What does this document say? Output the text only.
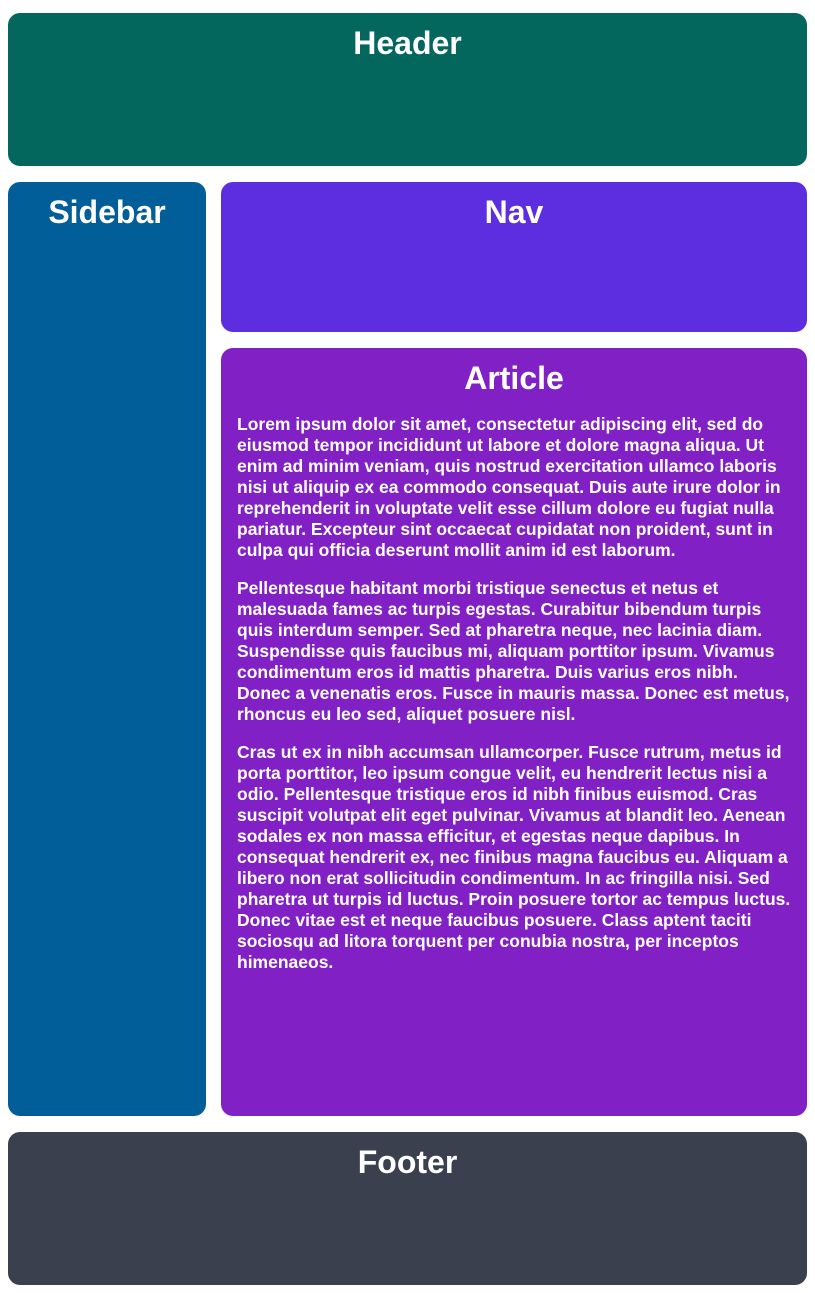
Header
Sidebar	Nav
Article

Lorem ipsum dolor sit amet, consectetur adipiscing elit, sed do eiusmod tempor incididunt ut labore et dolore magna aliqua. Ut enim ad minim veniam, quis nostrud exercitation ullamco laboris nisi ut aliquip ex ea commodo consequat. Duis aute irure dolor in reprehenderit in voluptate velit esse cillum dolore eu fugiat nulla pariatur. Excepteur sint occaecat cupidatat non proident, sunt in culpa qui officia deserunt mollit anim id est laborum.

Pellentesque habitant morbi tristique senectus et netus et malesuada fames ac turpis egestas. Curabitur bibendum turpis quis interdum semper. Sed at pharetra neque, nec lacinia diam. Suspendisse quis faucibus mi, aliquam porttitor ipsum. Vivamus condimentum eros id mattis pharetra. Duis varius eros nibh. Donec a venenatis eros. Fusce in mauris massa. Donec est metus, rhoncus eu leo sed, aliquet posuere nisl.

Cras ut ex in nibh accumsan ullamcorper. Fusce rutrum, metus id porta porttitor, leo ipsum congue velit, eu hendrerit lectus nisi a odio. Pellentesque tristique eros id nibh finibus euismod. Cras suscipit volutpat elit eget pulvinar. Vivamus at blandit leo. Aenean sodales ex non massa efficitur, et egestas neque dapibus. In consequat hendrerit ex, nec finibus magna faucibus eu. Aliquam a libero non erat sollicitudin condimentum. In ac fringilla nisi. Sed pharetra ut turpis id luctus. Proin posuere tortor ac tempus luctus. Donec vitae est et neque faucibus posuere. Class aptent taciti sociosqu ad litora torquent per conubia nostra, per inceptos himenaeos.

Footer
